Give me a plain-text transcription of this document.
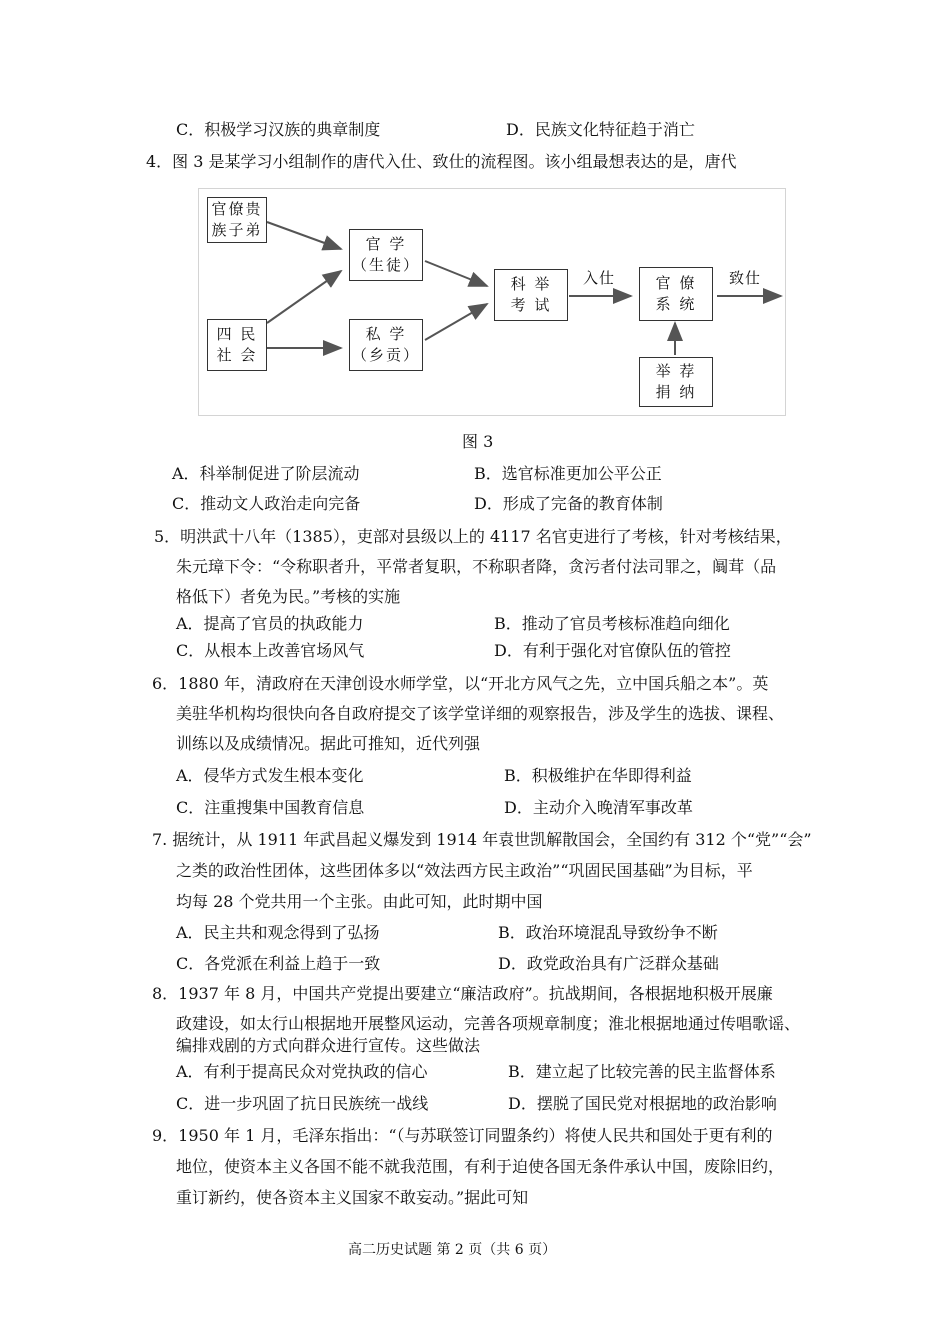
C．积极学习汉族的典章制度	D．民族文化特征趋于消亡
4．图 3 是某学习小组制作的唐代入仕、致仕的流程图。该小组最想表达的是，唐代
官僚贵
族子弟
四 民
社 会
官 学
（生徒）
私 学
（乡贡）
科 举
考 试
官 僚
系 统
举 荐
捐 纳
入仕	致仕
图 3
A．科举制促进了阶层流动	B．选官标准更加公平公正
C．推动文人政治走向完备	D．形成了完备的教育体制
5．明洪武十八年（1385），吏部对县级以上的 4117 名官吏进行了考核，针对考核结果，
朱元璋下令：“令称职者升，平常者复职，不称职者降，贪污者付法司罪之，阘茸（品
格低下）者免为民。”考核的实施
A．提高了官员的执政能力	B．推动了官员考核标准趋向细化
C．从根本上改善官场风气	D．有利于强化对官僚队伍的管控
6．1880 年，清政府在天津创设水师学堂，以“开北方风气之先，立中国兵船之本”。英
美驻华机构均很快向各自政府提交了该学堂详细的观察报告，涉及学生的选拔、课程、
训练以及成绩情况。据此可推知，近代列强
A．侵华方式发生根本变化	B．积极维护在华即得利益
C．注重搜集中国教育信息	D．主动介入晚清军事改革
7. 据统计，从 1911 年武昌起义爆发到 1914 年袁世凯解散国会，全国约有 312 个“党”“会”
之类的政治性团体，这些团体多以“效法西方民主政治”“巩固民国基础”为目标，平
均每 28 个党共用一个主张。由此可知，此时期中国
A．民主共和观念得到了弘扬	B．政治环境混乱导致纷争不断
C．各党派在利益上趋于一致	D．政党政治具有广泛群众基础
8．1937 年 8 月，中国共产党提出要建立“廉洁政府”。抗战期间，各根据地积极开展廉
政建设，如太行山根据地开展整风运动，完善各项规章制度；淮北根据地通过传唱歌谣、
编排戏剧的方式向群众进行宣传。这些做法
A．有利于提高民众对党执政的信心	B．建立起了比较完善的民主监督体系
C．进一步巩固了抗日民族统一战线	D．摆脱了国民党对根据地的政治影响
9．1950 年 1 月，毛泽东指出：“（与苏联签订同盟条约）将使人民共和国处于更有利的
地位，使资本主义各国不能不就我范围，有利于迫使各国无条件承认中国，废除旧约，
重订新约，使各资本主义国家不敢妄动。”据此可知
高二历史试题 第 2 页（共 6 页）
